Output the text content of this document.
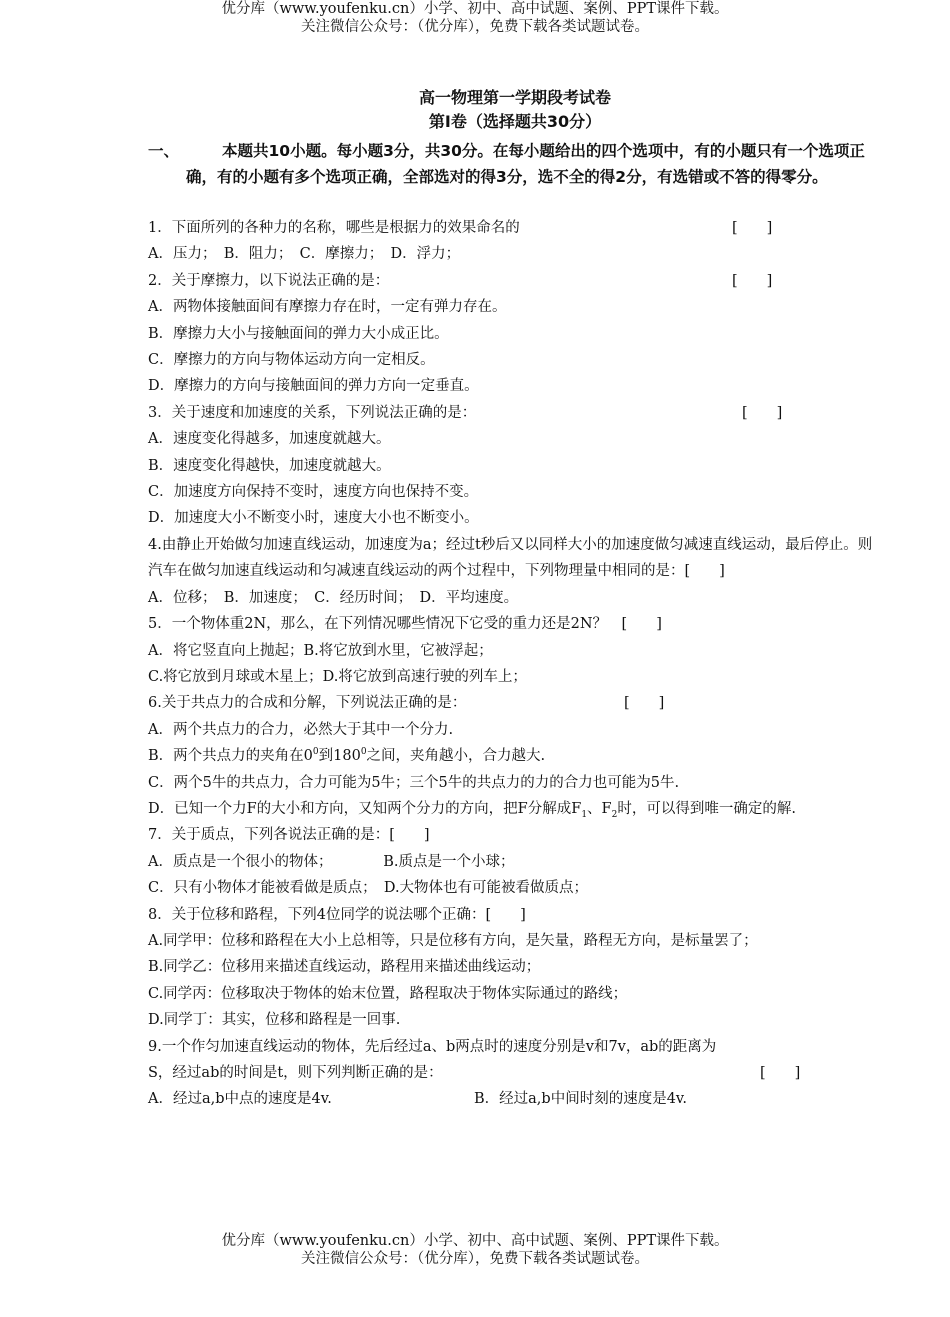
优分库（www.youfenku.cn）小学、初中、高中试题、案例、PPT课件下载。
关注微信公众号：（优分库），免费下载各类试题试卷。
高一物理第一学期段考试卷
第Ⅰ卷（选择题共30分）
一、	本题共10小题。每小题3分，共30分。在每小题给出的四个选项中，有的小题只有一个选项正确，有的小题有多个选项正确，全部选对的得3分，选不全的得2分，有选错或不答的得零分。
1．下面所列的各种力的名称，哪些是根据力的效果命名的	[　　]
A．压力；　B．阻力；　C．摩擦力；　D．浮力；
2．关于摩擦力，以下说法正确的是：	[　　]
A．两物体接触面间有摩擦力存在时，一定有弹力存在。
B．摩擦力大小与接触面间的弹力大小成正比。
C．摩擦力的方向与物体运动方向一定相反。
D．摩擦力的方向与接触面间的弹力方向一定垂直。
3．关于速度和加速度的关系，下列说法正确的是：	[　　]
A．速度变化得越多，加速度就越大。
B．速度变化得越快，加速度就越大。
C．加速度方向保持不变时，速度方向也保持不变。
D．加速度大小不断变小时，速度大小也不断变小。
4.由静止开始做匀加速直线运动，加速度为a；经过t秒后又以同样大小的加速度做匀减速直线运动，最后停止。则汽车在做匀加速直线运动和匀减速直线运动的两个过程中，下列物理量中相同的是：[　　]
A．位移；　B．加速度；　C．经历时间；　D．平均速度。
5．一个物体重2N，那么，在下列情况哪些情况下它受的重力还是2N？　[　　]
A．将它竖直向上抛起；B.将它放到水里，它被浮起；
C.将它放到月球或木星上；D.将它放到高速行驶的列车上；
6.关于共点力的合成和分解，下列说法正确的是：	[　　]
A．两个共点力的合力，必然大于其中一个分力.
B．两个共点力的夹角在$0^0$到$180^0$之间，夹角越小，合力越大.
C．两个5牛的共点力，合力可能为5牛；三个5牛的共点力的力的合力也可能为5牛.
D．已知一个力F的大小和方向，又知两个分力的方向，把F分解成$F_1$、$F_2$时，可以得到唯一确定的解.
7．关于质点，下列各说法正确的是：[　　]
A．质点是一个很小的物体；　　　　B.质点是一个小球；
C．只有小物体才能被看做是质点；　D.大物体也有可能被看做质点；
8．关于位移和路程，下列4位同学的说法哪个正确：[　　]
A.同学甲：位移和路程在大小上总相等，只是位移有方向，是矢量，路程无方向，是标量罢了；
B.同学乙：位移用来描述直线运动，路程用来描述曲线运动；
C.同学丙：位移取决于物体的始末位置，路程取决于物体实际通过的路线；
D.同学丁：其实，位移和路程是一回事.
9.一个作匀加速直线运动的物体，先后经过a、b两点时的速度分别是v和7v，ab的距离为
S，经过ab的时间是t，则下列判断正确的是：	[　　]
A．经过a,b中点的速度是4v.	B．经过a,b中间时刻的速度是4v.
优分库（www.youfenku.cn）小学、初中、高中试题、案例、PPT课件下载。
关注微信公众号：（优分库），免费下载各类试题试卷。
